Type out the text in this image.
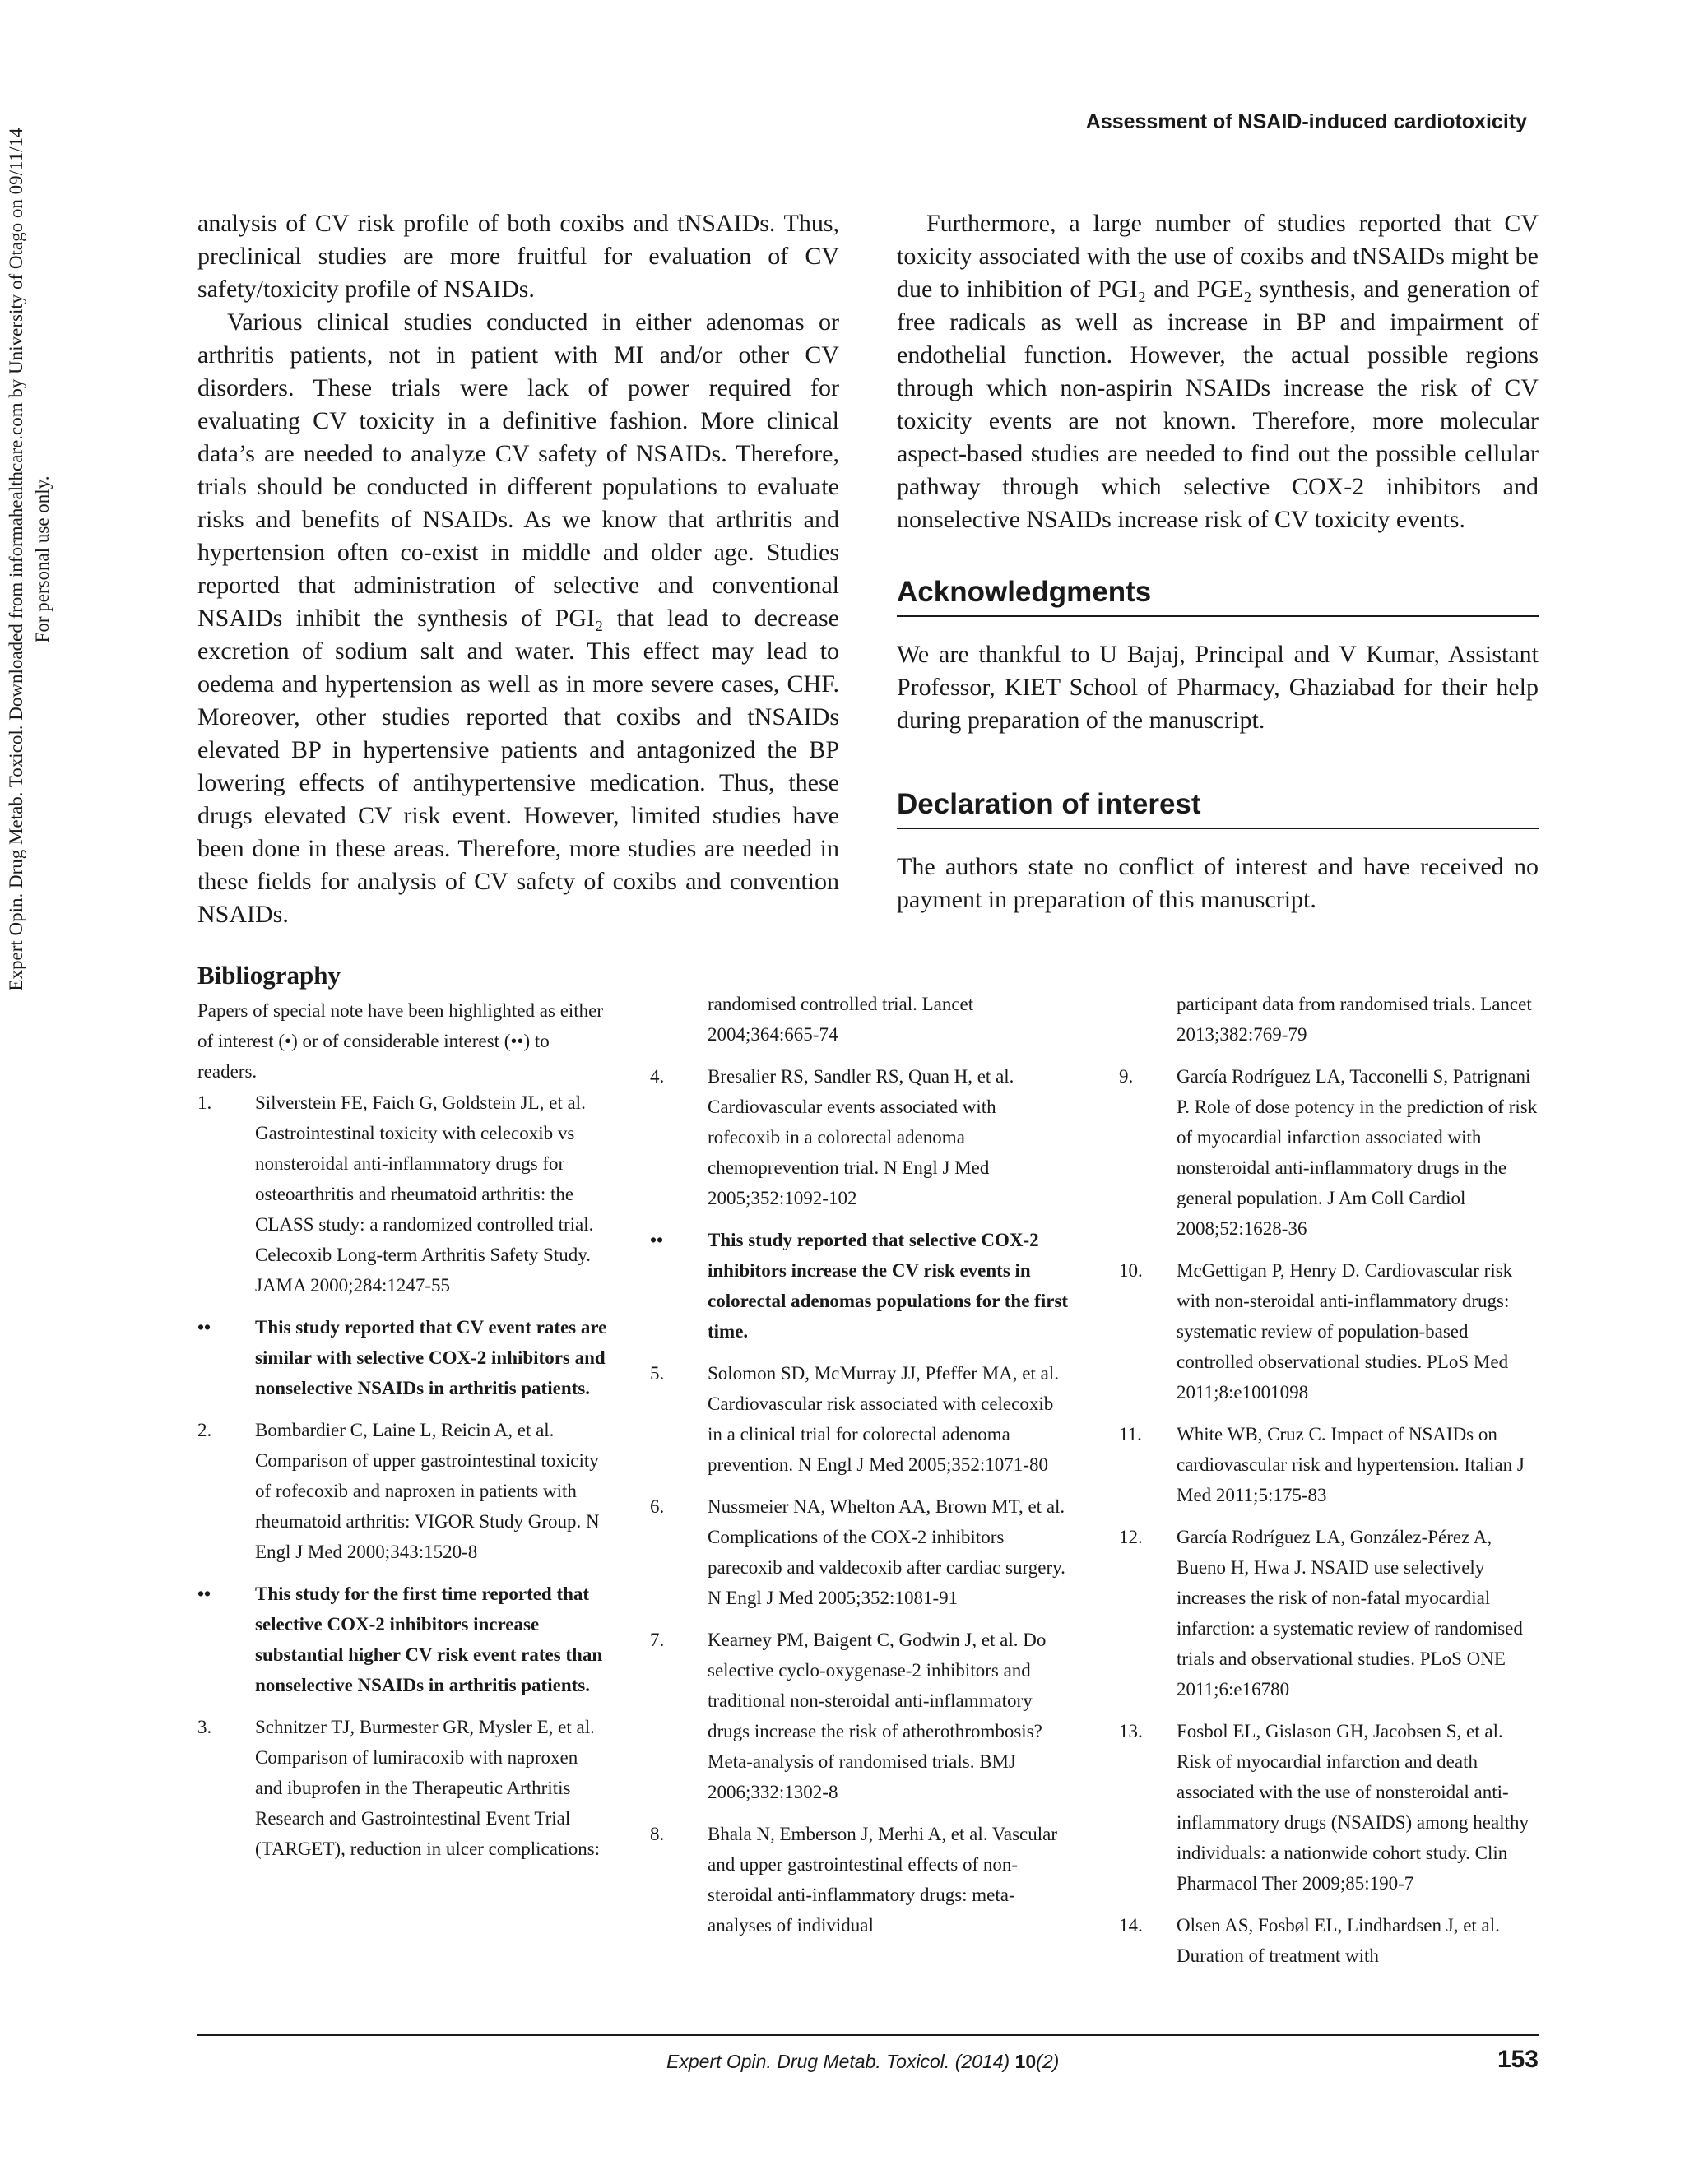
Assessment of NSAID-induced cardiotoxicity
Expert Opin. Drug Metab. Toxicol. Downloaded from informahealthcare.com by University of Otago on 09/11/14 For personal use only.

analysis of CV risk profile of both coxibs and tNSAIDs. Thus, preclinical studies are more fruitful for evaluation of CV safety/toxicity profile of NSAIDs.

Various clinical studies conducted in either adenomas or arthritis patients, not in patient with MI and/or other CV disorders. These trials were lack of power required for evaluating CV toxicity in a definitive fashion. More clinical data’s are needed to analyze CV safety of NSAIDs. Therefore, trials should be conducted in different populations to evaluate risks and benefits of NSAIDs. As we know that arthritis and hypertension often co-exist in middle and older age. Studies reported that administration of selective and conventional NSAIDs inhibit the synthesis of PGI₂ that lead to decrease excretion of sodium salt and water. This effect may lead to oedema and hypertension as well as in more severe cases, CHF. Moreover, other studies reported that coxibs and tNSAIDs elevated BP in hypertensive patients and antagonized the BP lowering effects of antihypertensive medication. Thus, these drugs elevated CV risk event. However, limited studies have been done in these areas. Therefore, more studies are needed in these fields for analysis of CV safety of coxibs and convention NSAIDs.

Furthermore, a large number of studies reported that CV toxicity associated with the use of coxibs and tNSAIDs might be due to inhibition of PGI₂ and PGE₂ synthesis, and generation of free radicals as well as increase in BP and impairment of endothelial function. However, the actual possible regions through which non-aspirin NSAIDs increase the risk of CV toxicity events are not known. Therefore, more molecular aspect-based studies are needed to find out the possible cellular pathway through which selective COX-2 inhibitors and nonselective NSAIDs increase risk of CV toxicity events.

Acknowledgments

We are thankful to U Bajaj, Principal and V Kumar, Assistant Professor, KIET School of Pharmacy, Ghaziabad for their help during preparation of the manuscript.

Declaration of interest

The authors state no conflict of interest and have received no payment in preparation of this manuscript.

Bibliography
Papers of special note have been highlighted as either of interest (•) or of considerable interest (••) to readers.
1. Silverstein FE, Faich G, Goldstein JL, et al. Gastrointestinal toxicity with celecoxib vs nonsteroidal anti-inflammatory drugs for osteoarthritis and rheumatoid arthritis: the CLASS study: a randomized controlled trial. Celecoxib Long-term Arthritis Safety Study. JAMA 2000;284:1247-55
•• This study reported that CV event rates are similar with selective COX-2 inhibitors and nonselective NSAIDs in arthritis patients.
2. Bombardier C, Laine L, Reicin A, et al. Comparison of upper gastrointestinal toxicity of rofecoxib and naproxen in patients with rheumatoid arthritis: VIGOR Study Group. N Engl J Med 2000;343:1520-8
•• This study for the first time reported that selective COX-2 inhibitors increase substantial higher CV risk event rates than nonselective NSAIDs in arthritis patients.
3. Schnitzer TJ, Burmester GR, Mysler E, et al. Comparison of lumiracoxib with naproxen and ibuprofen in the Therapeutic Arthritis Research and Gastrointestinal Event Trial (TARGET), reduction in ulcer complications:
randomised controlled trial. Lancet 2004;364:665-74
4. Bresalier RS, Sandler RS, Quan H, et al. Cardiovascular events associated with rofecoxib in a colorectal adenoma chemoprevention trial. N Engl J Med 2005;352:1092-102
•• This study reported that selective COX-2 inhibitors increase the CV risk events in colorectal adenomas populations for the first time.
5. Solomon SD, McMurray JJ, Pfeffer MA, et al. Cardiovascular risk associated with celecoxib in a clinical trial for colorectal adenoma prevention. N Engl J Med 2005;352:1071-80
6. Nussmeier NA, Whelton AA, Brown MT, et al. Complications of the COX-2 inhibitors parecoxib and valdecoxib after cardiac surgery. N Engl J Med 2005;352:1081-91
7. Kearney PM, Baigent C, Godwin J, et al. Do selective cyclo-oxygenase-2 inhibitors and traditional non-steroidal anti-inflammatory drugs increase the risk of atherothrombosis? Meta-analysis of randomised trials. BMJ 2006;332:1302-8
8. Bhala N, Emberson J, Merhi A, et al. Vascular and upper gastrointestinal effects of non-steroidal anti-inflammatory drugs: meta-analyses of individual
participant data from randomised trials. Lancet 2013;382:769-79
9. García Rodríguez LA, Tacconelli S, Patrignani P. Role of dose potency in the prediction of risk of myocardial infarction associated with nonsteroidal anti-inflammatory drugs in the general population. J Am Coll Cardiol 2008;52:1628-36
10. McGettigan P, Henry D. Cardiovascular risk with non-steroidal anti-inflammatory drugs: systematic review of population-based controlled observational studies. PLoS Med 2011;8:e1001098
11. White WB, Cruz C. Impact of NSAIDs on cardiovascular risk and hypertension. Italian J Med 2011;5:175-83
12. García Rodríguez LA, González-Pérez A, Bueno H, Hwa J. NSAID use selectively increases the risk of non-fatal myocardial infarction: a systematic review of randomised trials and observational studies. PLoS ONE 2011;6:e16780
13. Fosbol EL, Gislason GH, Jacobsen S, et al. Risk of myocardial infarction and death associated with the use of nonsteroidal anti-inflammatory drugs (NSAIDS) among healthy individuals: a nationwide cohort study. Clin Pharmacol Ther 2009;85:190-7
14. Olsen AS, Fosbøl EL, Lindhardsen J, et al. Duration of treatment with
Expert Opin. Drug Metab. Toxicol. (2014) 10(2)	153
